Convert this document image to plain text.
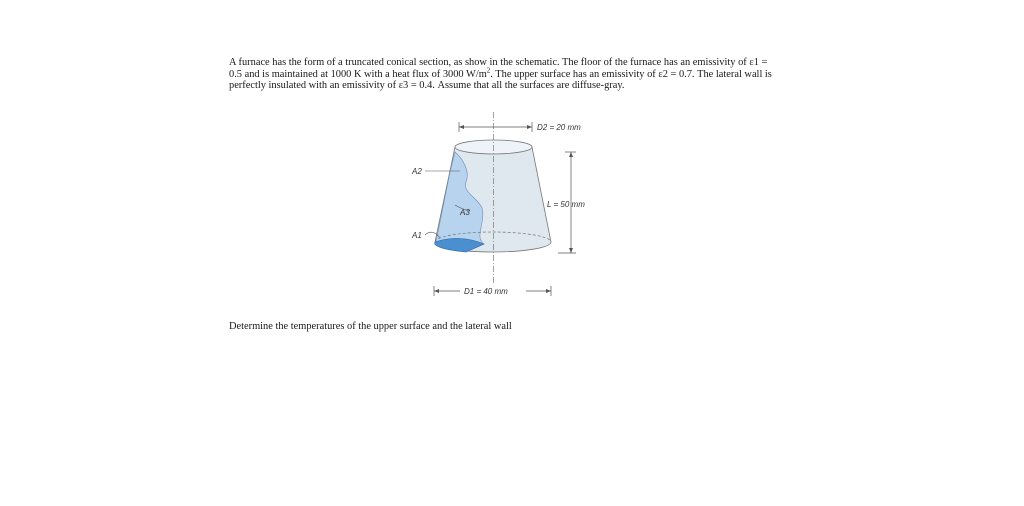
A furnace has the form of a truncated conical section, as show in the schematic. The floor of the furnace has an emissivity of ε1 = 0.5 and is maintained at 1000 K with a heat flux of 3000 $W/m^2$. The upper surface has an emissivity of ε2 = 0.7. The lateral wall is perfectly insulated with an emissivity of ε3 = 0.4. Assume that all the surfaces are diffuse-gray.

D2 = 20 mm
L = 50 mm
D1 = 40 mm
A2
A3
A1

Determine the temperatures of the upper surface and the lateral wall
